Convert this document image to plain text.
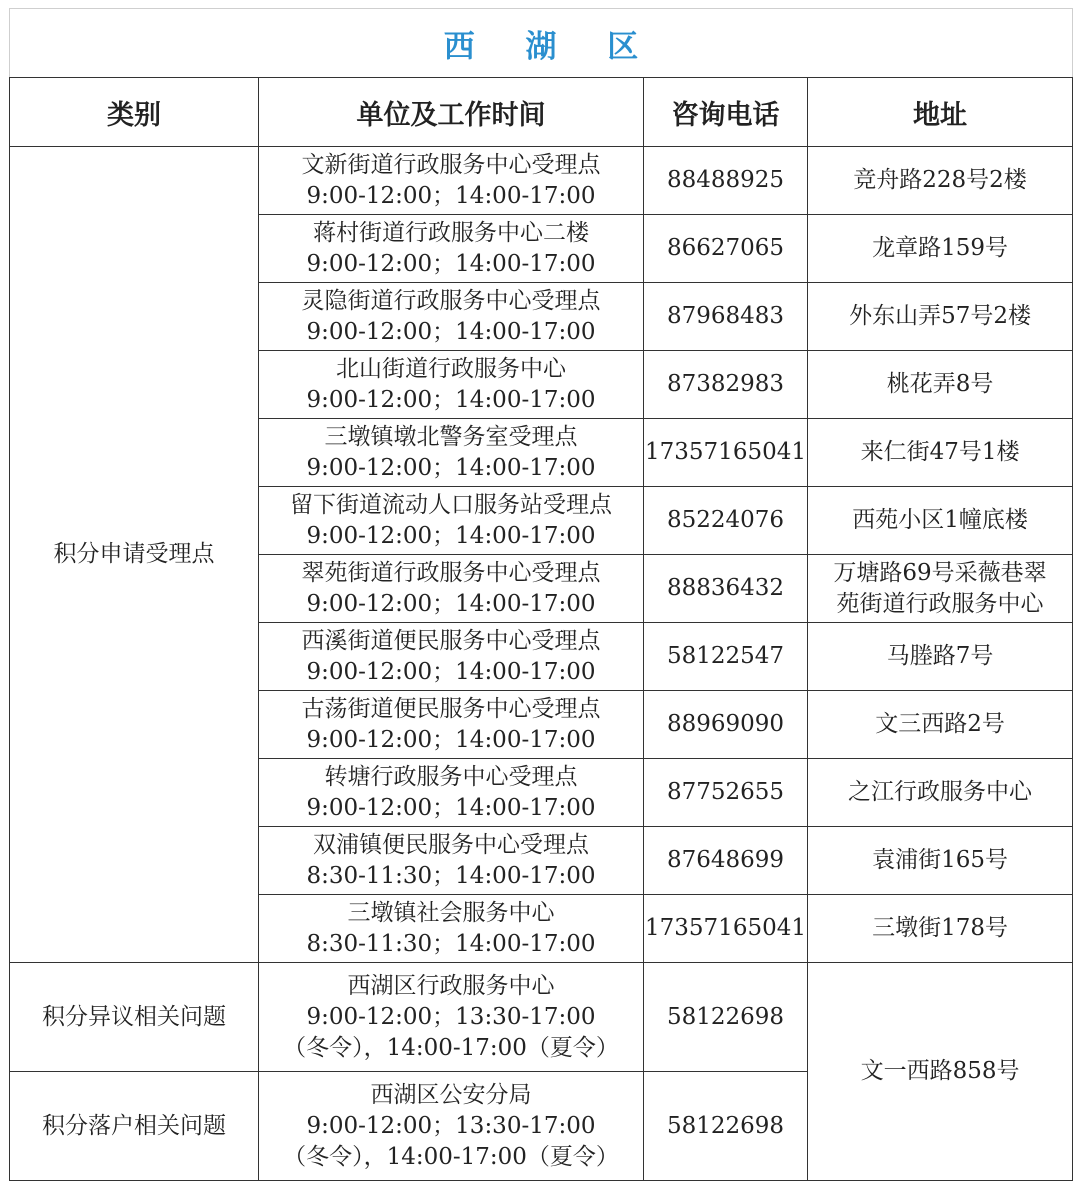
西 湖 区			
类别	单位及工作时间	咨询电话	地址
积分申请受理点	文新街道行政服务中心受理点
9:00-12:00；14:00-17:00	88488925	竞舟路228号2楼

	蒋村街道行政服务中心二楼
9:00-12:00；14:00-17:00	86627065	龙章路159号

	灵隐街道行政服务中心受理点
9:00-12:00；14:00-17:00	87968483	外东山弄57号2楼

	北山街道行政服务中心
9:00-12:00；14:00-17:00	87382983	桃花弄8号

	三墩镇墩北警务室受理点
9:00-12:00；14:00-17:00	17357165041	来仁街47号1楼

	留下街道流动人口服务站受理点
9:00-12:00；14:00-17:00	85224076	西苑小区1幢底楼

	翠苑街道行政服务中心受理点
9:00-12:00；14:00-17:00	88836432	万塘路69号采薇巷翠苑街道行政服务中心

	西溪街道便民服务中心受理点
9:00-12:00；14:00-17:00	58122547	马塍路7号

	古荡街道便民服务中心受理点
9:00-12:00；14:00-17:00	88969090	文三西路2号

	转塘行政服务中心受理点
9:00-12:00；14:00-17:00	87752655	之江行政服务中心

	双浦镇便民服务中心受理点
8:30-11:30；14:00-17:00	87648699	袁浦街165号

	三墩镇社会服务中心
8:30-11:30；14:00-17:00	17357165041	三墩街178号
积分异议相关问题	西湖区行政服务中心
9:00-12:00；13:30-17:00
（冬令），14:00-17:00（夏令）	58122698	文一西路858号
积分落户相关问题	西湖区公安分局
9:00-12:00；13:30-17:00
（冬令），14:00-17:00（夏令）	58122698	
